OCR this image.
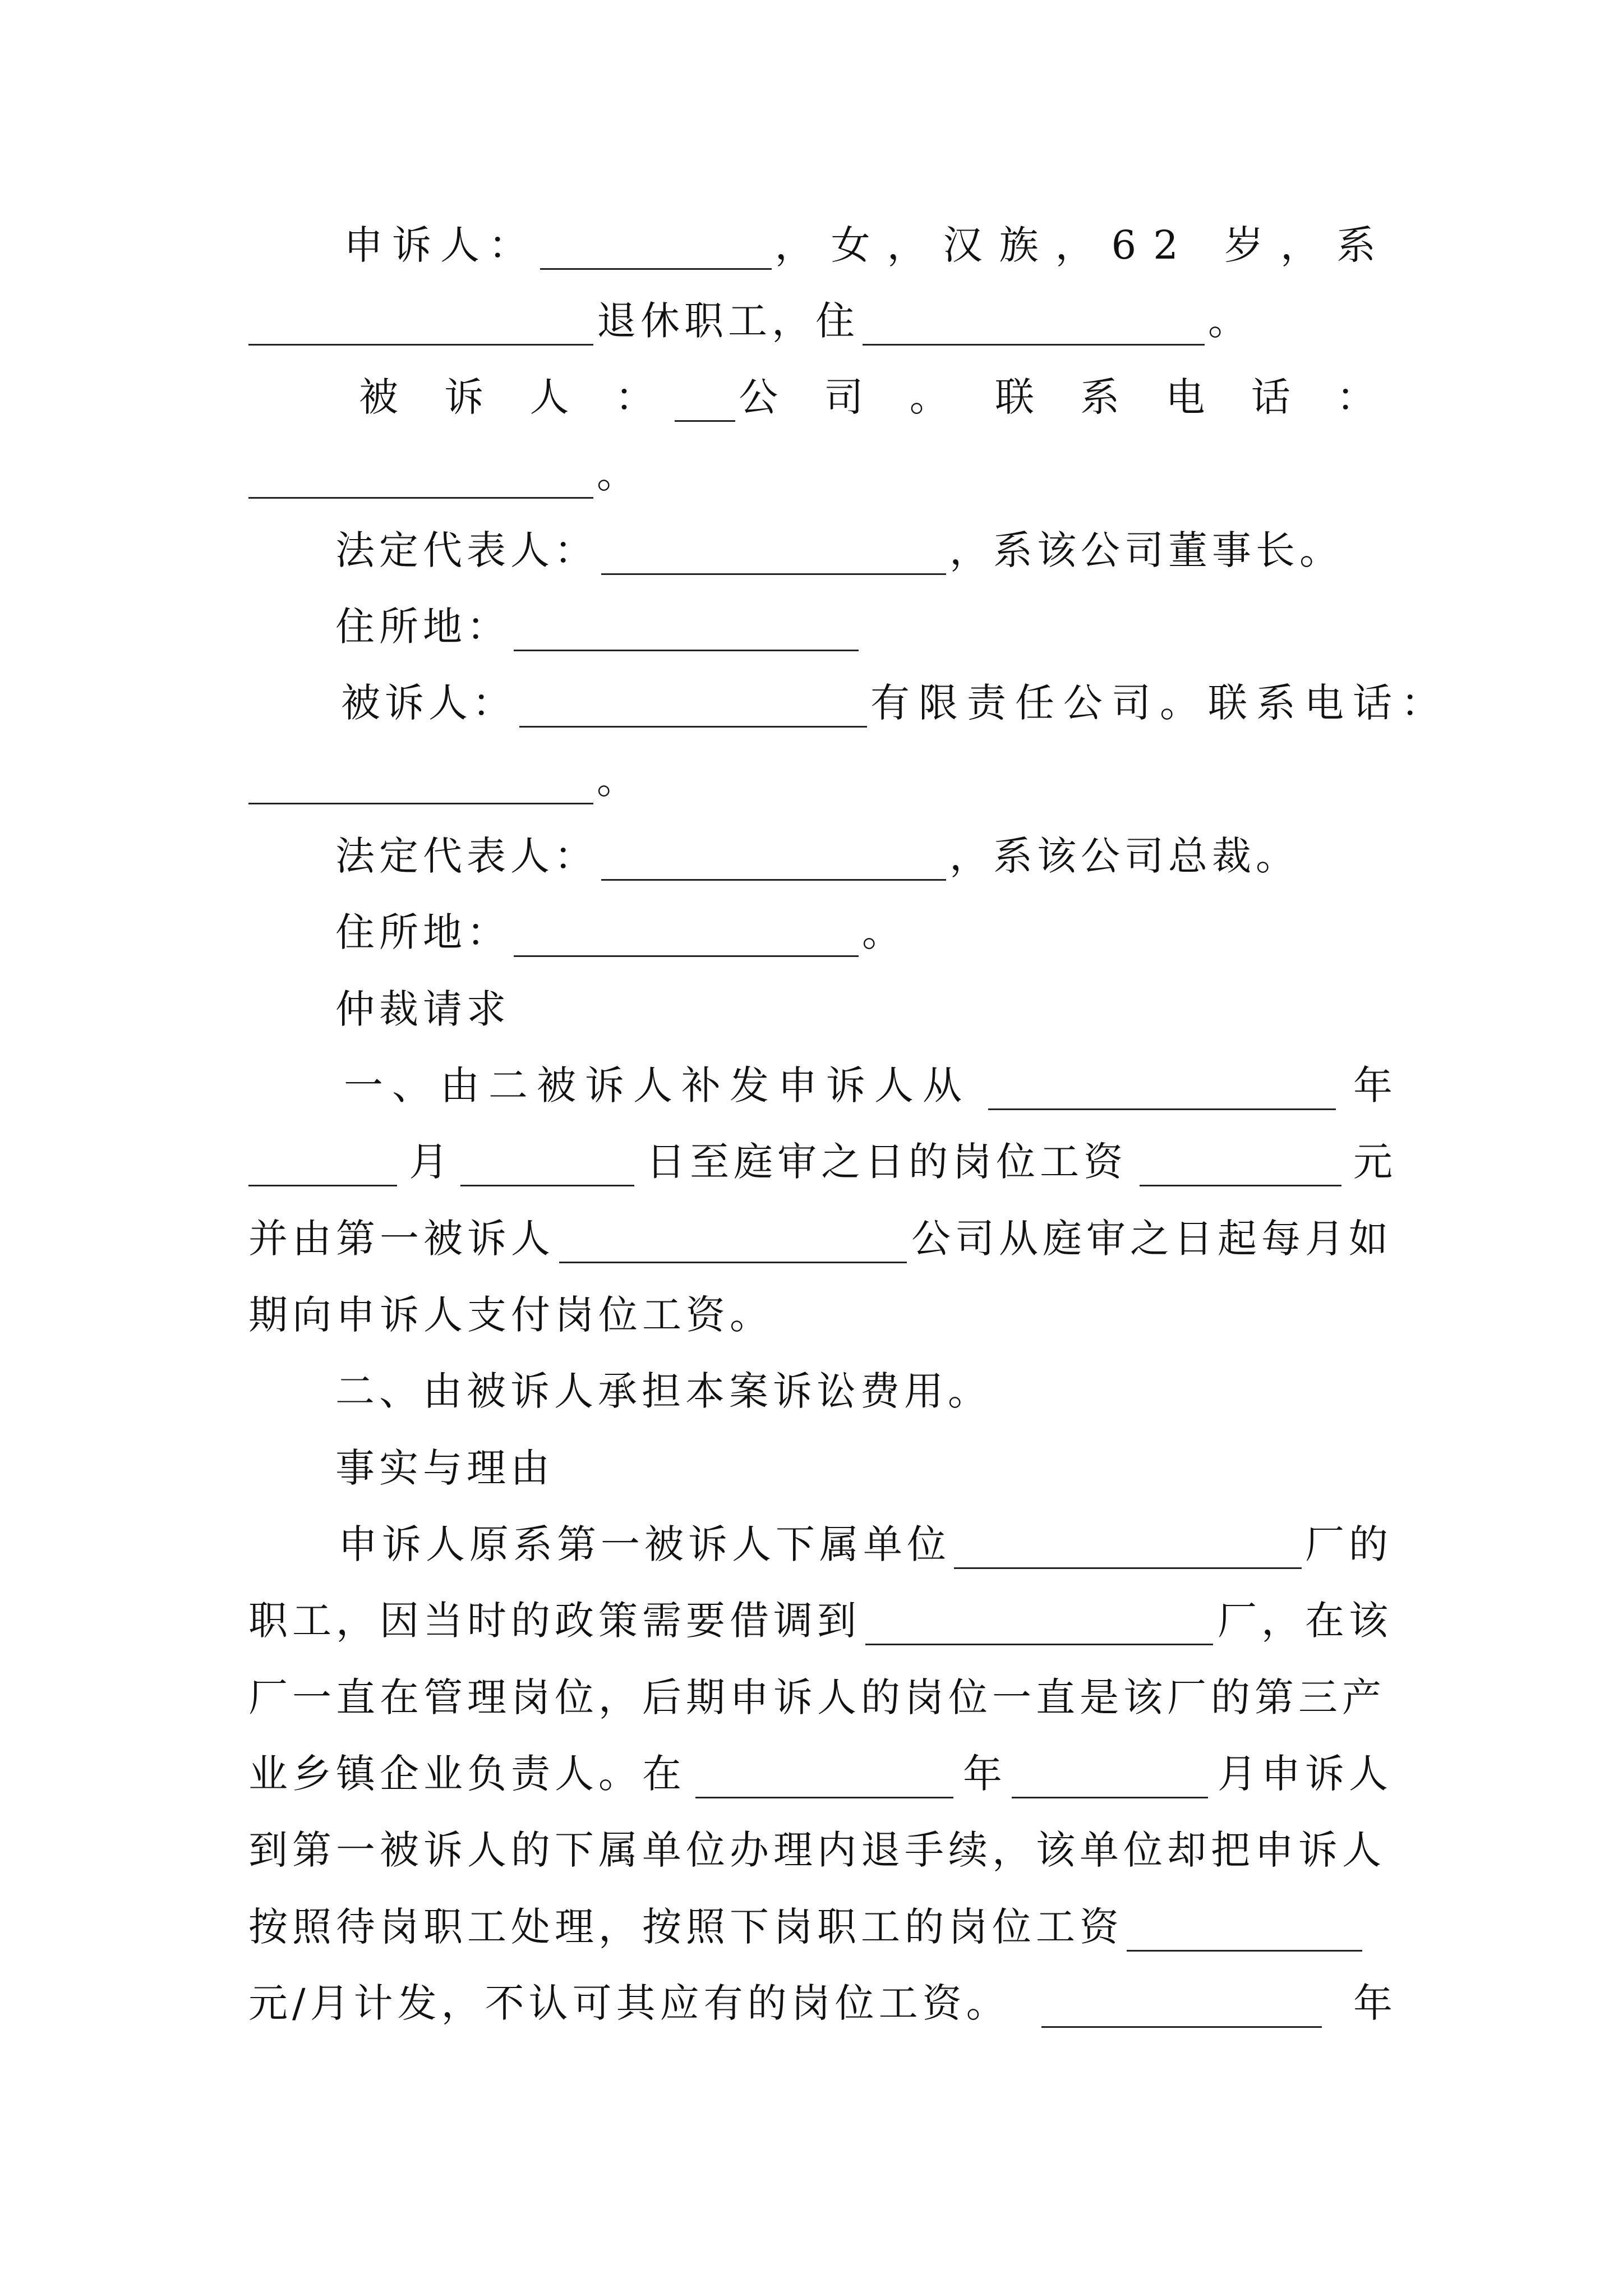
申诉人：	，女，汉族，62 岁，系
退休职工，住	。
被 诉 人 ： 公 司 。 联 系 电 话 ：
。
法定代表人：	，系该公司董事长。
住所地：
被诉人：	有限责任公司。联系电话：
。
法定代表人：	，系该公司总裁。
住所地：	。
仲裁请求
一、由二被诉人补发申诉人从	年
月	日至庭审之日的岗位工资	元
并由第一被诉人	公司从庭审之日起每月如
期向申诉人支付岗位工资。
二、由被诉人承担本案诉讼费用。
事实与理由
申诉人原系第一被诉人下属单位	厂的
职工，因当时的政策需要借调到	厂，在该
厂一直在管理岗位，后期申诉人的岗位一直是该厂的第三产
业乡镇企业负责人。在	年	月申诉人
到第一被诉人的下属单位办理内退手续，该单位却把申诉人
按照待岗职工处理，按照下岗职工的岗位工资
元/月计发，不认可其应有的岗位工资。	年
